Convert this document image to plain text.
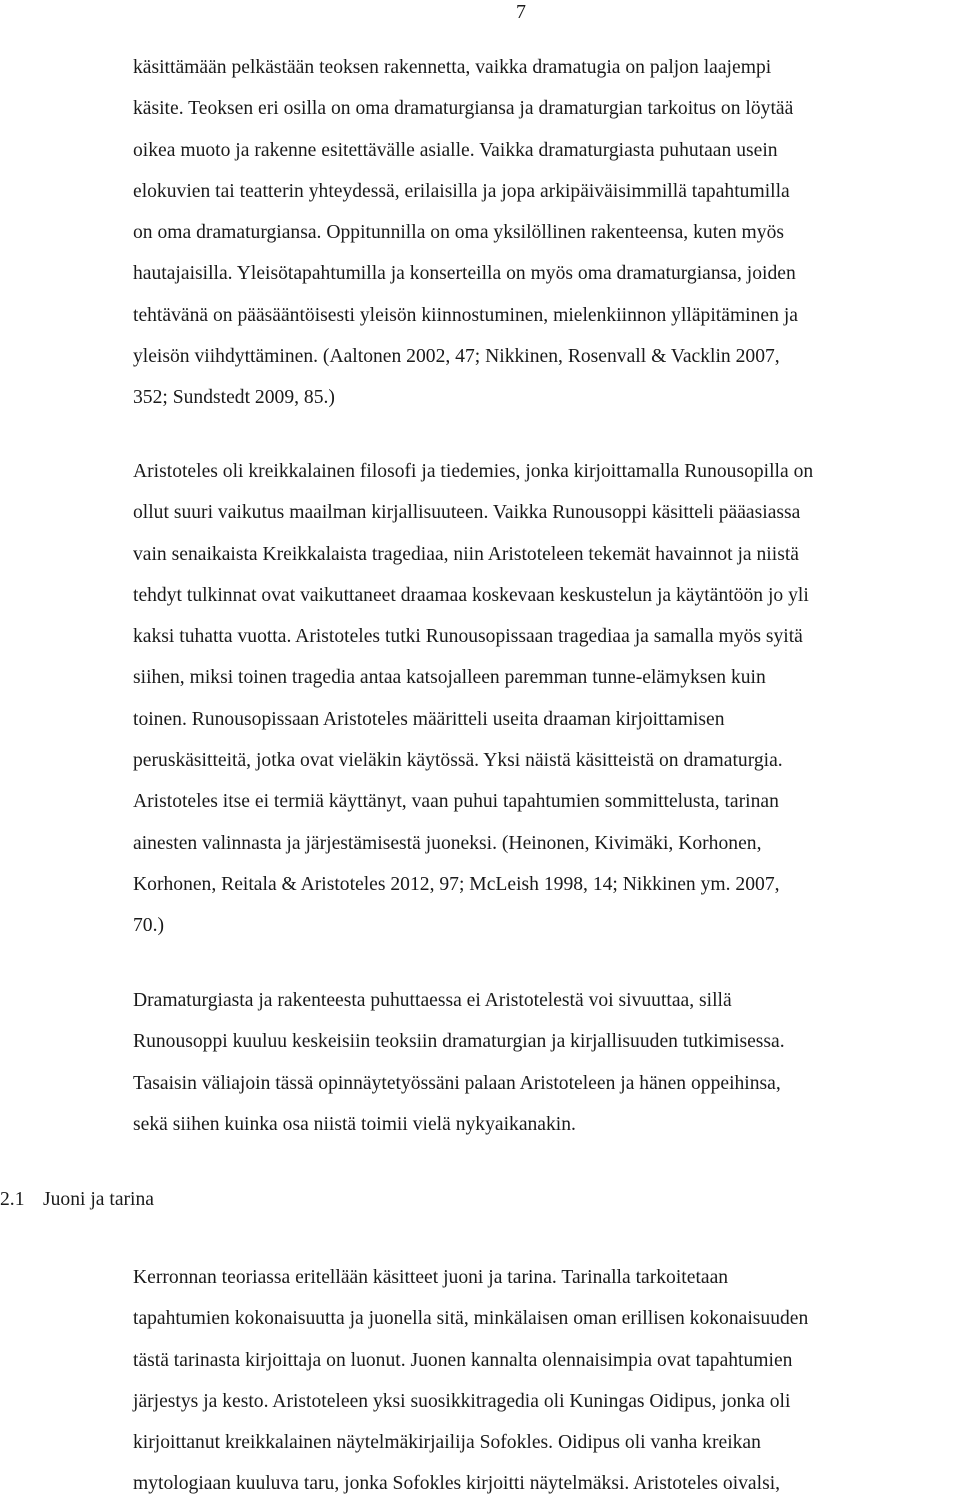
7

käsittämään pelkästään teoksen rakennetta, vaikka dramatugia on paljon laajempi
käsite. Teoksen eri osilla on oma dramaturgiansa ja dramaturgian tarkoitus on löytää
oikea muoto ja rakenne esitettävälle asialle. Vaikka dramaturgiasta puhutaan usein
elokuvien tai teatterin yhteydessä, erilaisilla ja jopa arkipäiväisimmillä tapahtumilla
on oma dramaturgiansa. Oppitunnilla on oma yksilöllinen rakenteensa, kuten myös
hautajaisilla. Yleisötapahtumilla ja konserteilla on myös oma dramaturgiansa, joiden
tehtävänä on pääsääntöisesti yleisön kiinnostuminen, mielenkiinnon ylläpitäminen ja
yleisön viihdyttäminen. (Aaltonen 2002, 47; Nikkinen, Rosenvall & Vacklin 2007,
352; Sundstedt 2009, 85.)

Aristoteles oli kreikkalainen filosofi ja tiedemies, jonka kirjoittamalla Runousopilla on
ollut suuri vaikutus maailman kirjallisuuteen. Vaikka Runousoppi käsitteli pääasiassa
vain senaikaista Kreikkalaista tragediaa, niin Aristoteleen tekemät havainnot ja niistä
tehdyt tulkinnat ovat vaikuttaneet draamaa koskevaan keskustelun ja käytäntöön jo yli
kaksi tuhatta vuotta. Aristoteles tutki Runousopissaan tragediaa ja samalla myös syitä
siihen, miksi toinen tragedia antaa katsojalleen paremman tunne-elämyksen kuin
toinen. Runousopissaan Aristoteles määritteli useita draaman kirjoittamisen
peruskäsitteitä, jotka ovat vieläkin käytössä. Yksi näistä käsitteistä on dramaturgia.
Aristoteles itse ei termiä käyttänyt, vaan puhui tapahtumien sommittelusta, tarinan
ainesten valinnasta ja järjestämisestä juoneksi. (Heinonen, Kivimäki, Korhonen,
Korhonen, Reitala & Aristoteles 2012, 97; McLeish 1998, 14; Nikkinen ym. 2007,
70.)

Dramaturgiasta ja rakenteesta puhuttaessa ei Aristotelestä voi sivuuttaa, sillä
Runousoppi kuuluu keskeisiin teoksiin dramaturgian ja kirjallisuuden tutkimisessa.
Tasaisin väliajoin tässä opinnäytetyössäni palaan Aristoteleen ja hänen oppeihinsa,
sekä siihen kuinka osa niistä toimii vielä nykyaikanakin.

2.1 Juoni ja tarina

Kerronnan teoriassa eritellään käsitteet juoni ja tarina. Tarinalla tarkoitetaan
tapahtumien kokonaisuutta ja juonella sitä, minkälaisen oman erillisen kokonaisuuden
tästä tarinasta kirjoittaja on luonut. Juonen kannalta olennaisimpia ovat tapahtumien
järjestys ja kesto. Aristoteleen yksi suosikkitragedia oli Kuningas Oidipus, jonka oli
kirjoittanut kreikkalainen näytelmäkirjailija Sofokles. Oidipus oli vanha kreikan
mytologiaan kuuluva taru, jonka Sofokles kirjoitti näytelmäksi. Aristoteles oivalsi,
